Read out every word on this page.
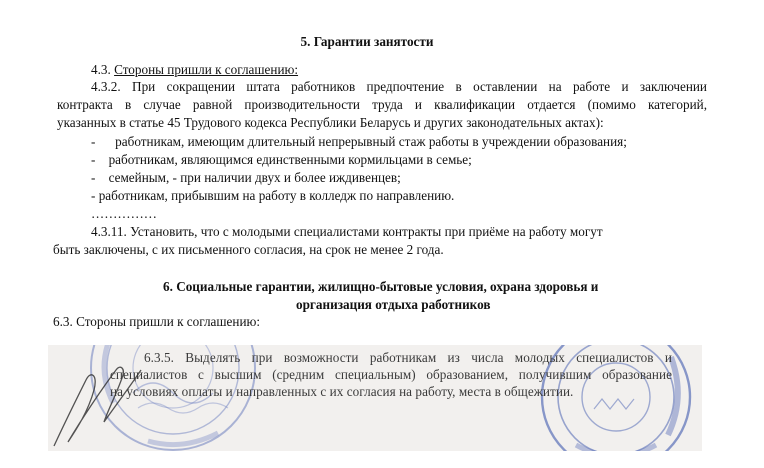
5. Гарантии занятости
4.3. Стороны пришли к соглашению:
4.3.2. При сокращении штата работников предпочтение в оставлении на работе и заключении
контракта в случае равной производительности труда и квалификации отдается (помимо категорий,
указанных в статье 45 Трудового кодекса Республики Беларусь и других законодательных актах):
-      работникам, имеющим длительный непрерывный стаж работы в учреждении образования;
-    работникам, являющимся единственными кормильцами в семье;
-    семейным, - при наличии двух и более иждивенцев;
- работникам, прибывшим на работу в колледж по направлению.
……………
4.3.11. Установить, что с молодыми специалистами контракты при приёме на работу могут
быть заключены, с их письменного согласия, на срок не менее 2 года.
6. Социальные гарантии, жилищно-бытовые условия, охрана здоровья и
организация отдыха работников
6.3. Стороны пришли к соглашению:
6.3.5. Выделять при возможности работникам из числа молодых специалистов и
специалистов с высшим (средним специальным) образованием, получившим образование
на условиях оплаты и направленных с их согласия на работу, места в общежитии.
